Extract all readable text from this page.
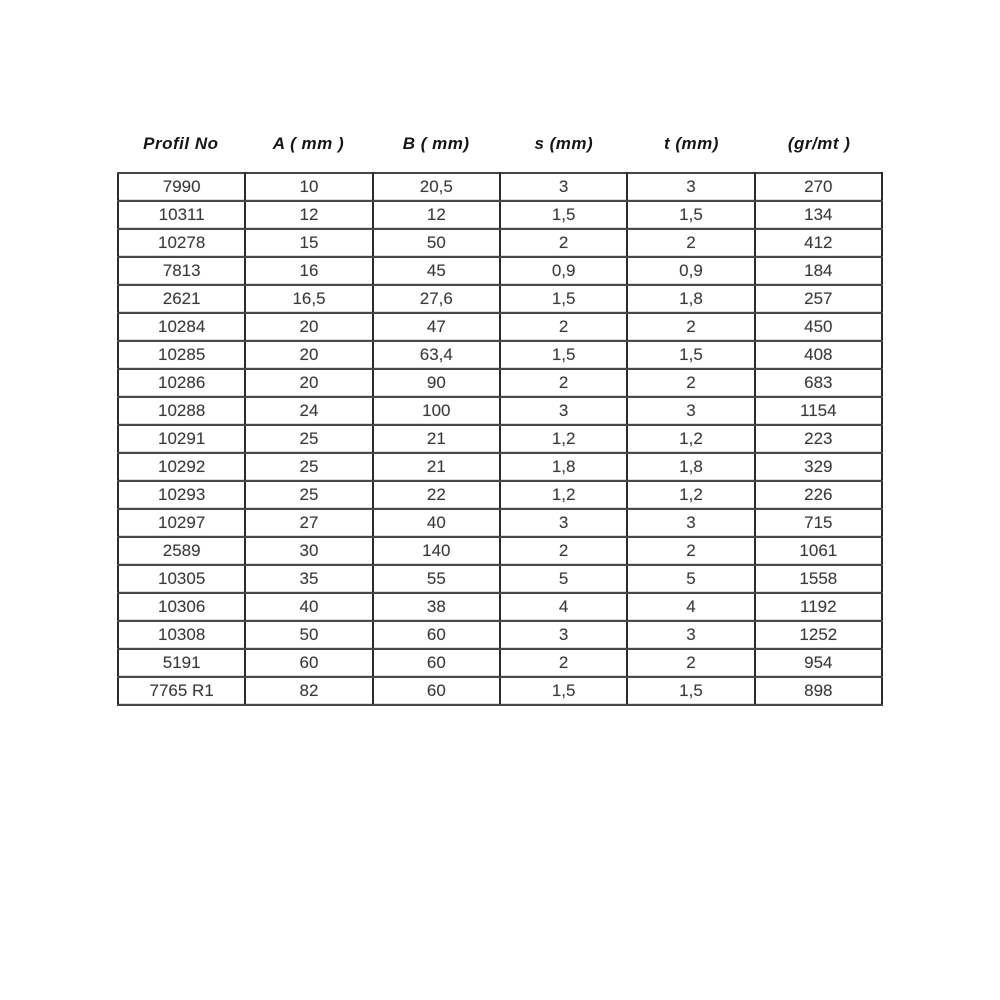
Profil No	A ( mm )	B ( mm)	s (mm)	t (mm)	(gr/mt )
7990	10	20,5	3	3	270
10311	12	12	1,5	1,5	134
10278	15	50	2	2	412
7813	16	45	0,9	0,9	184
2621	16,5	27,6	1,5	1,8	257
10284	20	47	2	2	450
10285	20	63,4	1,5	1,5	408
10286	20	90	2	2	683
10288	24	100	3	3	1154
10291	25	21	1,2	1,2	223
10292	25	21	1,8	1,8	329
10293	25	22	1,2	1,2	226
10297	27	40	3	3	715
2589	30	140	2	2	1061
10305	35	55	5	5	1558
10306	40	38	4	4	1192
10308	50	60	3	3	1252
5191	60	60	2	2	954
7765 R1	82	60	1,5	1,5	898
